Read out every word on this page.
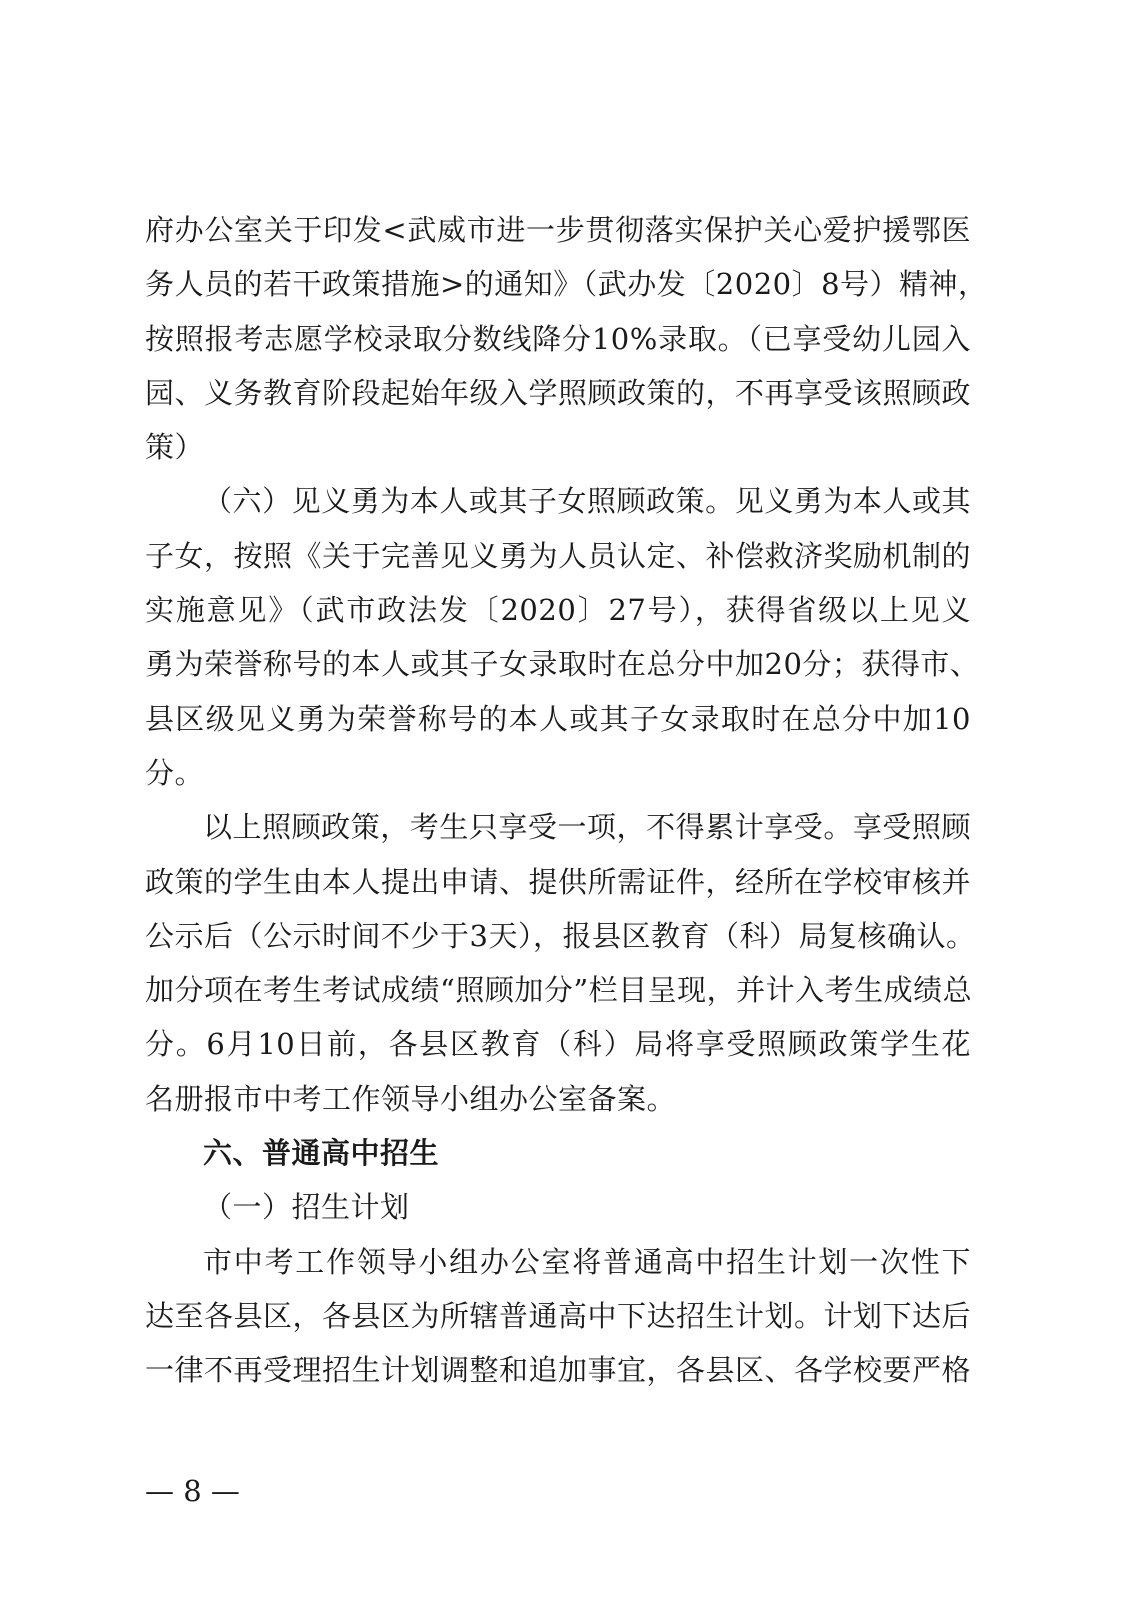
府办公室关于印发<武威市进一步贯彻落实保护关心爱护援鄂医
务人员的若干政策措施>的通知》（武办发〔2020〕8号）精神，
按照报考志愿学校录取分数线降分10%录取。（已享受幼儿园入
园、义务教育阶段起始年级入学照顾政策的，不再享受该照顾政
策）
（六）见义勇为本人或其子女照顾政策。见义勇为本人或其
子女，按照《关于完善见义勇为人员认定、补偿救济奖励机制的
实施意见》（武市政法发〔2020〕27号），获得省级以上见义
勇为荣誉称号的本人或其子女录取时在总分中加20分；获得市、
县区级见义勇为荣誉称号的本人或其子女录取时在总分中加10
分。
以上照顾政策，考生只享受一项，不得累计享受。享受照顾
政策的学生由本人提出申请、提供所需证件，经所在学校审核并
公示后（公示时间不少于3天），报县区教育（科）局复核确认。
加分项在考生考试成绩“照顾加分”栏目呈现，并计入考生成绩总
分。6月10日前，各县区教育（科）局将享受照顾政策学生花
名册报市中考工作领导小组办公室备案。
六、普通高中招生
（一）招生计划
市中考工作领导小组办公室将普通高中招生计划一次性下
达至各县区，各县区为所辖普通高中下达招生计划。计划下达后
一律不再受理招生计划调整和追加事宜，各县区、各学校要严格
— 8 —
